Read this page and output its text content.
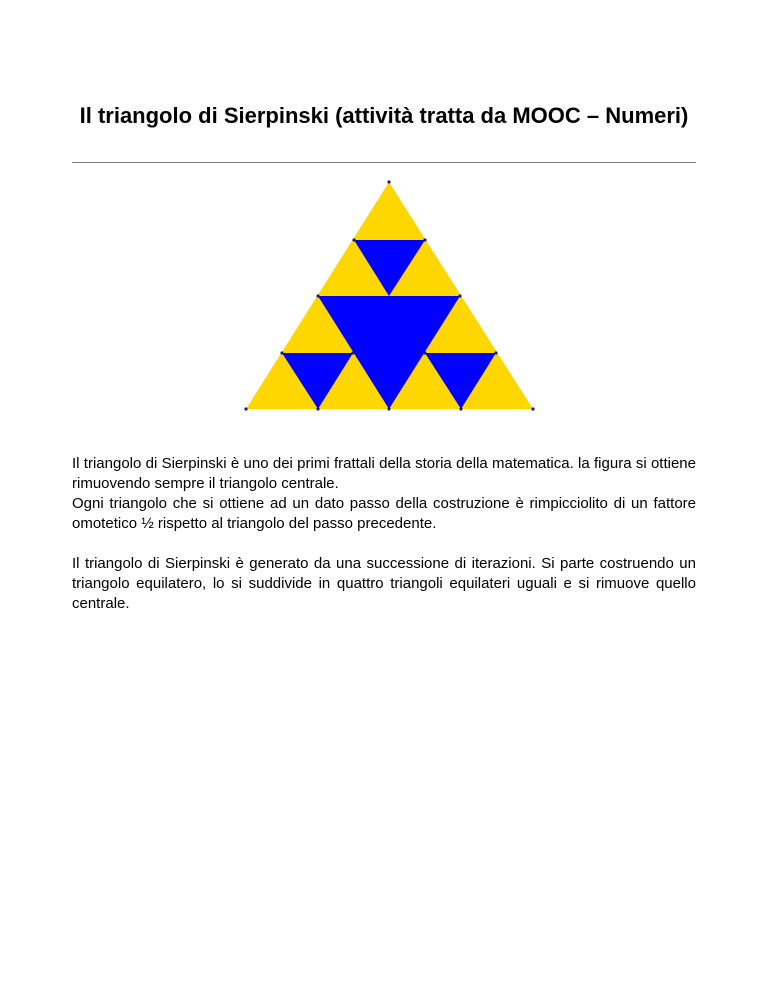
Il triangolo di Sierpinski (attività tratta da MOOC – Numeri)

Il triangolo di Sierpinski è uno dei primi frattali della storia della matematica. la figura si ottiene rimuovendo sempre il triangolo centrale.

Ogni triangolo che si ottiene ad un dato passo della costruzione è rimpicciolito di un fattore omotetico ½ rispetto al triangolo del passo precedente.

Il triangolo di Sierpinski è generato da una successione di iterazioni. Si parte costruendo un triangolo equilatero, lo si suddivide in quattro triangoli equilateri uguali e si rimuove quello centrale.
